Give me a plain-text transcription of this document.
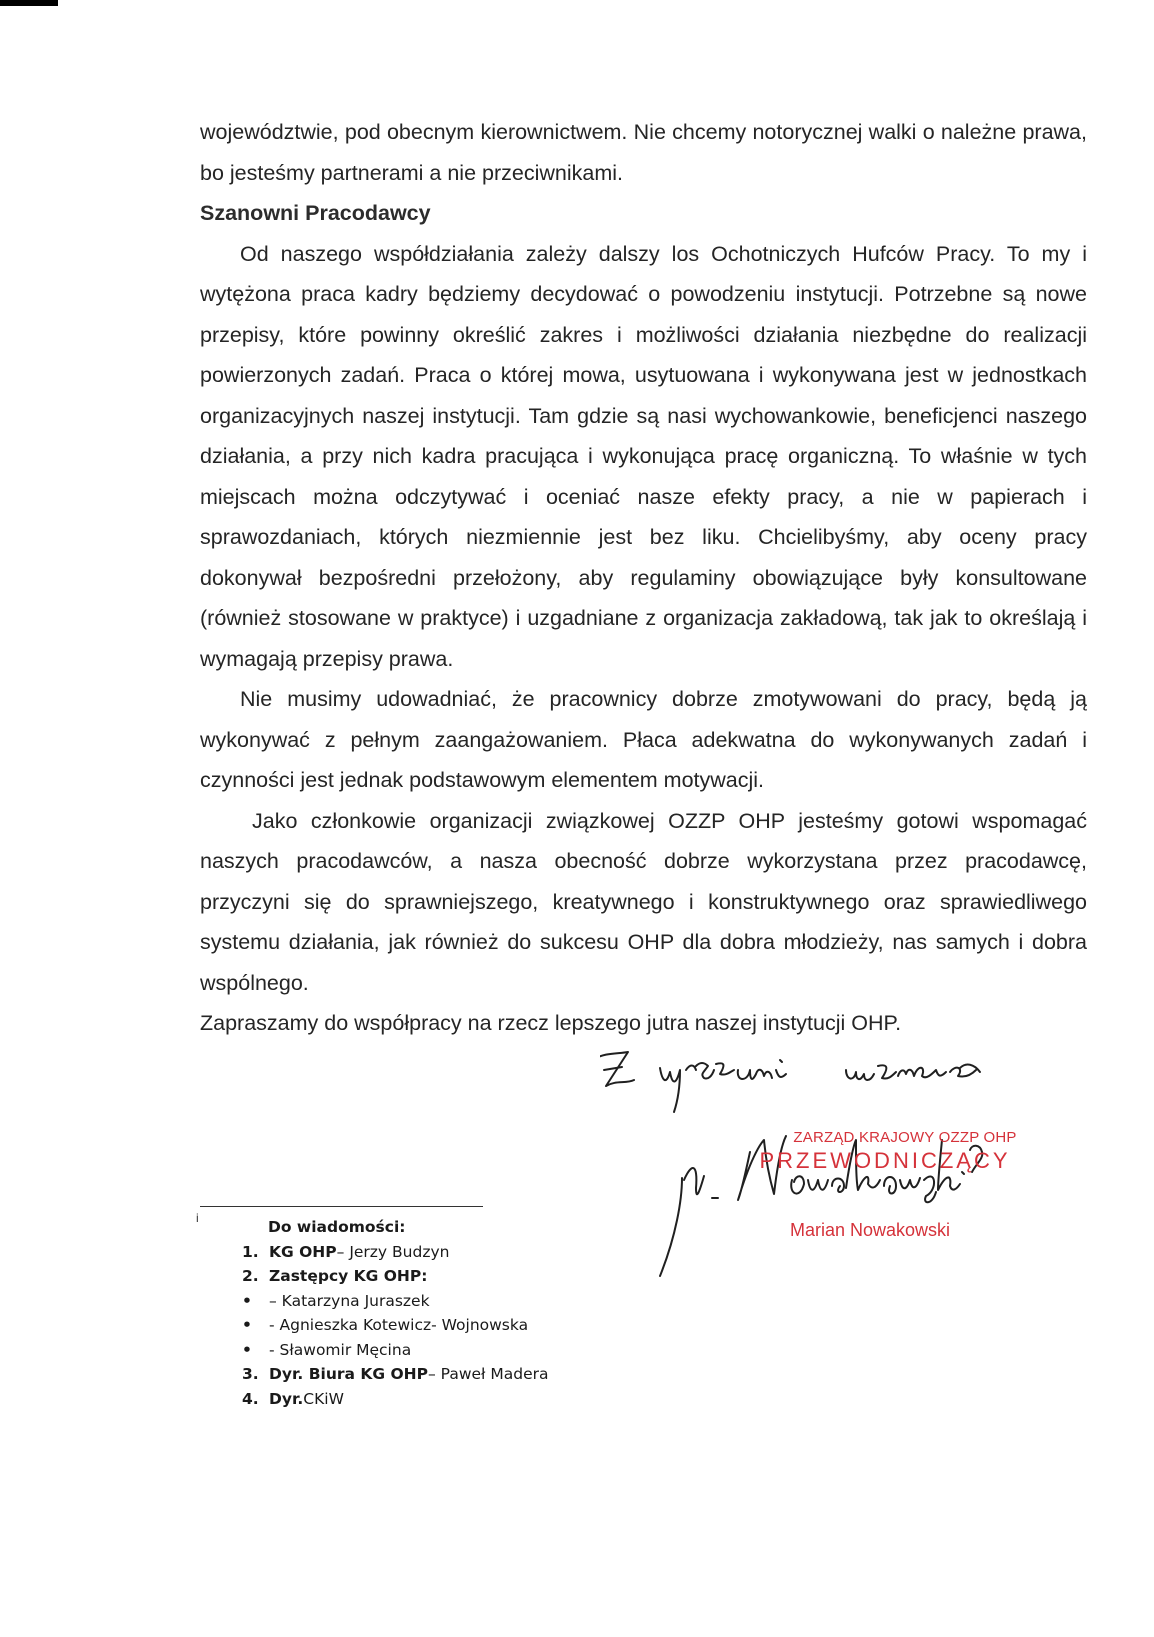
województwie, pod obecnym kierownictwem. Nie chcemy notorycznej walki o należne prawa, bo jesteśmy partnerami a nie przeciwnikami.

Szanowni Pracodawcy

Od naszego współdziałania zależy dalszy los Ochotniczych Hufców Pracy. To my i wytężona praca kadry będziemy decydować o powodzeniu instytucji. Potrzebne są nowe przepisy, które powinny określić zakres i możliwości działania niezbędne do realizacji powierzonych zadań. Praca o której mowa, usytuowana i wykonywana jest w jednostkach organizacyjnych naszej instytucji. Tam gdzie są nasi wychowankowie, beneficjenci naszego działania, a przy nich kadra pracująca i wykonująca pracę organiczną. To właśnie w tych miejscach można odczytywać i oceniać nasze efekty pracy, a nie w papierach i sprawozdaniach, których niezmiennie jest bez liku. Chcielibyśmy, aby oceny pracy dokonywał bezpośredni przełożony, aby regulaminy obowiązujące były konsultowane (również stosowane w praktyce) i uzgadniane z organizacja zakładową, tak jak to określają i wymagają przepisy prawa.

Nie musimy udowadniać, że pracownicy dobrze zmotywowani do pracy, będą ją wykonywać z pełnym zaangażowaniem. Płaca adekwatna do wykonywanych zadań i czynności jest jednak podstawowym elementem motywacji.

Jako członkowie organizacji związkowej OZZP OHP jesteśmy gotowi wspomagać naszych pracodawców, a nasza obecność dobrze wykorzystana przez pracodawcę, przyczyni się do sprawniejszego, kreatywnego i konstruktywnego oraz sprawiedliwego systemu działania, jak również do sukcesu OHP dla dobra młodzieży, nas samych i dobra wspólnego.

Zapraszamy do współpracy na rzecz lepszego jutra naszej instytucji OHP.

ZARZĄD KRAJOWY OZZP OHP
PRZEWODNICZĄCY
Marian Nowakowski
i	Do wiadomości:
1. KG OHP – Jerzy Budzyn
2. Zastępcy KG OHP:
•	– Katarzyna Juraszek
•	- Agnieszka Kotewicz- Wojnowska
•	- Sławomir Męcina
3. Dyr. Biura KG OHP – Paweł Madera
4. Dyr. CKiW
